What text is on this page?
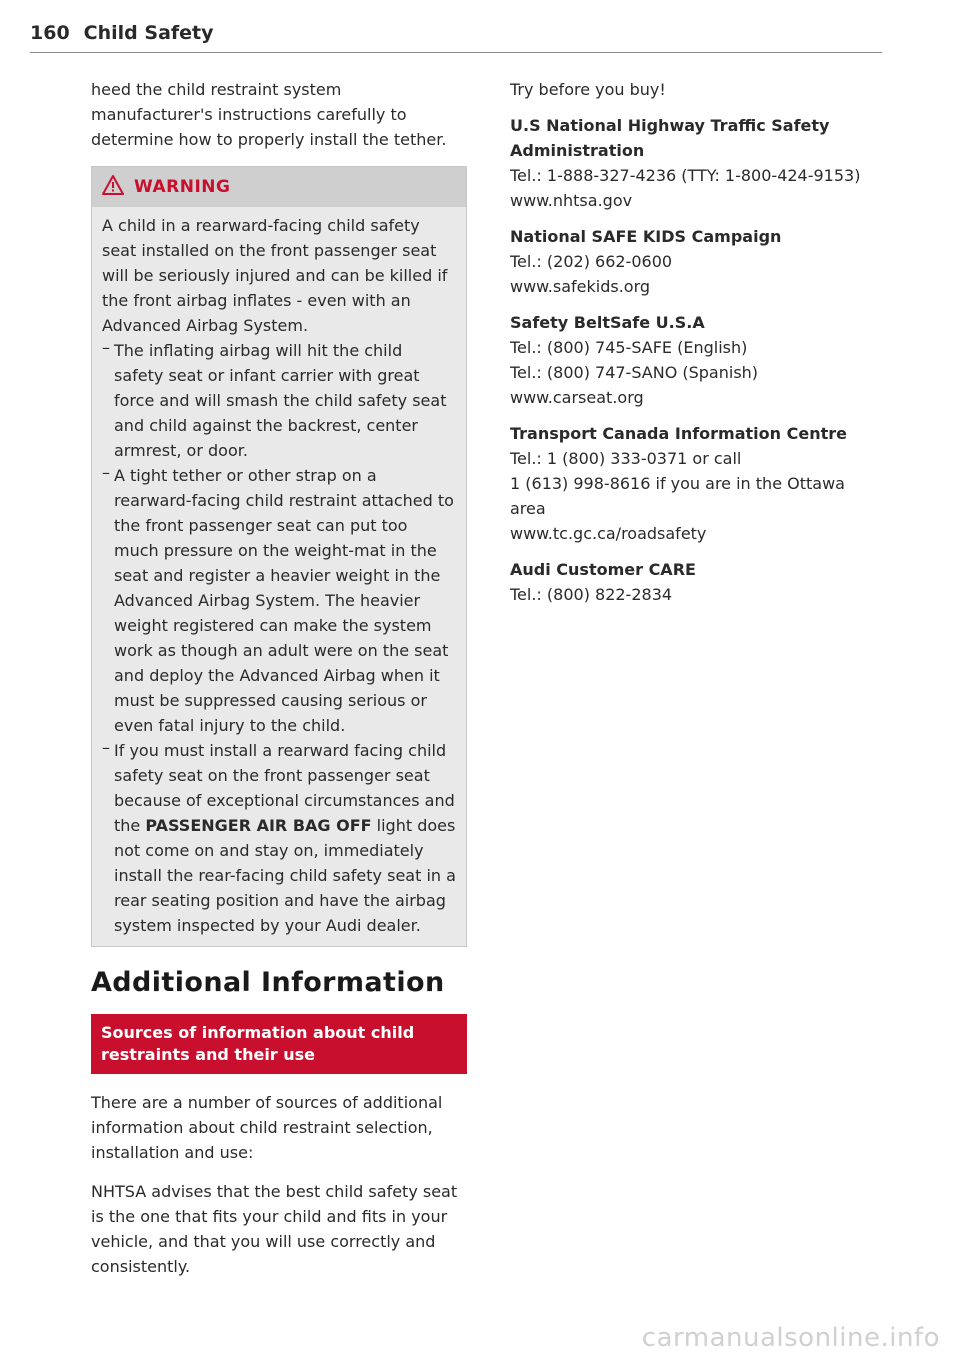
160 Child Safety

heed the child restraint system manufacturer's instructions carefully to determine how to properly install the tether.

WARNING

A child in a rearward-facing child safety seat installed on the front passenger seat will be seriously injured and can be killed if the front airbag inflates - even with an Advanced Airbag System.

– The inflating airbag will hit the child safety seat or infant carrier with great force and will smash the child safety seat and child against the backrest, center armrest, or door.

– A tight tether or other strap on a rearward-facing child restraint attached to the front passenger seat can put too much pressure on the weight-mat in the seat and register a heavier weight in the Advanced Airbag System. The heavier weight registered can make the system work as though an adult were on the seat and deploy the Advanced Airbag when it must be suppressed causing serious or even fatal injury to the child.

– If you must install a rearward facing child safety seat on the front passenger seat because of exceptional circumstances and the PASSENGER AIR BAG OFF light does not come on and stay on, immediately install the rear-facing child safety seat in a rear seating position and have the airbag system inspected by your Audi dealer.

Additional Information
Sources of information about child restraints and their use

There are a number of sources of additional information about child restraint selection, installation and use:

NHTSA advises that the best child safety seat is the one that fits your child and fits in your vehicle, and that you will use correctly and consistently.

Try before you buy!

U.S National Highway Traffic Safety Administration

Tel.: 1-888-327-4236 (TTY: 1-800-424-9153)

www.nhtsa.gov

National SAFE KIDS Campaign

Tel.: (202) 662-0600

www.safekids.org

Safety BeltSafe U.S.A

Tel.: (800) 745-SAFE (English)

Tel.: (800) 747-SANO (Spanish)

www.carseat.org

Transport Canada Information Centre

Tel.: 1 (800) 333-0371 or call

1 (613) 998-8616 if you are in the Ottawa area

www.tc.gc.ca/roadsafety

Audi Customer CARE

Tel.: (800) 822-2834

carmanualsonline.info
